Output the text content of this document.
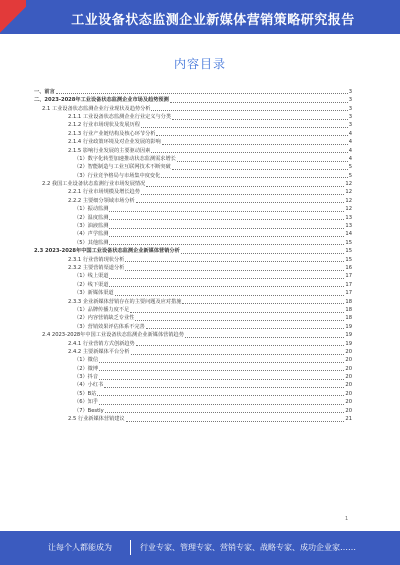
工业设备状态监测企业新媒体营销策略研究报告
内容目录
一、前言	3
二、2023-2028年工业设备状态监测企业市场及趋势预测	3
2.1 工业设备状态监测企业行业现状及趋势分析	3
2.1.1 工业设备状态监测企业行业定义与分类	3
2.1.2 行业市场现状及发展历程	3
2.1.3 行业产业链结构及核心环节分析	4
2.1.4 行业政策环境及对企业发展的影响	4
2.1.5 影响行业发展的主要驱动因素	4
（1）数字化转型加速推动状态监测需求增长	4
（2）智能制造与工业互联网技术不断突破	5
（3）行业竞争格局与市场集中度变化	5
2.2 我国工业设备状态监测行业市场发展情况	12
2.2.1 行业市场规模及增长趋势	12
2.2.2 主要细分领域市场分析	12
（1）振动监测	12
（2）温度监测	13
（3）油液监测	13
（4）声学监测	14
（5）其他监测	15
2.3 2023-2028年中国工业设备状态监测企业新媒体营销分析	15
2.3.1 行业营销现状分析	15
2.3.2 主要营销渠道分析	16
（1）线上渠道	17
（2）线下渠道	17
（3）新媒体渠道	17
2.3.3 企业新媒体营销存在的主要问题及应对措施	18
（1）品牌传播力度不足	18
（2）内容营销缺乏专业性	18
（3）营销效果评估体系不完善	19
2.4 2023-2028年中国工业设备状态监测企业新媒体营销趋势	19
2.4.1 行业营销方式创新趋势	19
2.4.2 主要新媒体平台分析	20
（1）微信	20
（2）微博	20
（3）抖音	20
（4）小红书	20
（5）B站	20
（6）知乎	20
（7）Bestly	20
2.5 行业新媒体营销建议	21
1
让每个人都能成为	行业专家、管理专家、营销专家、战略专家、成功企业家……
